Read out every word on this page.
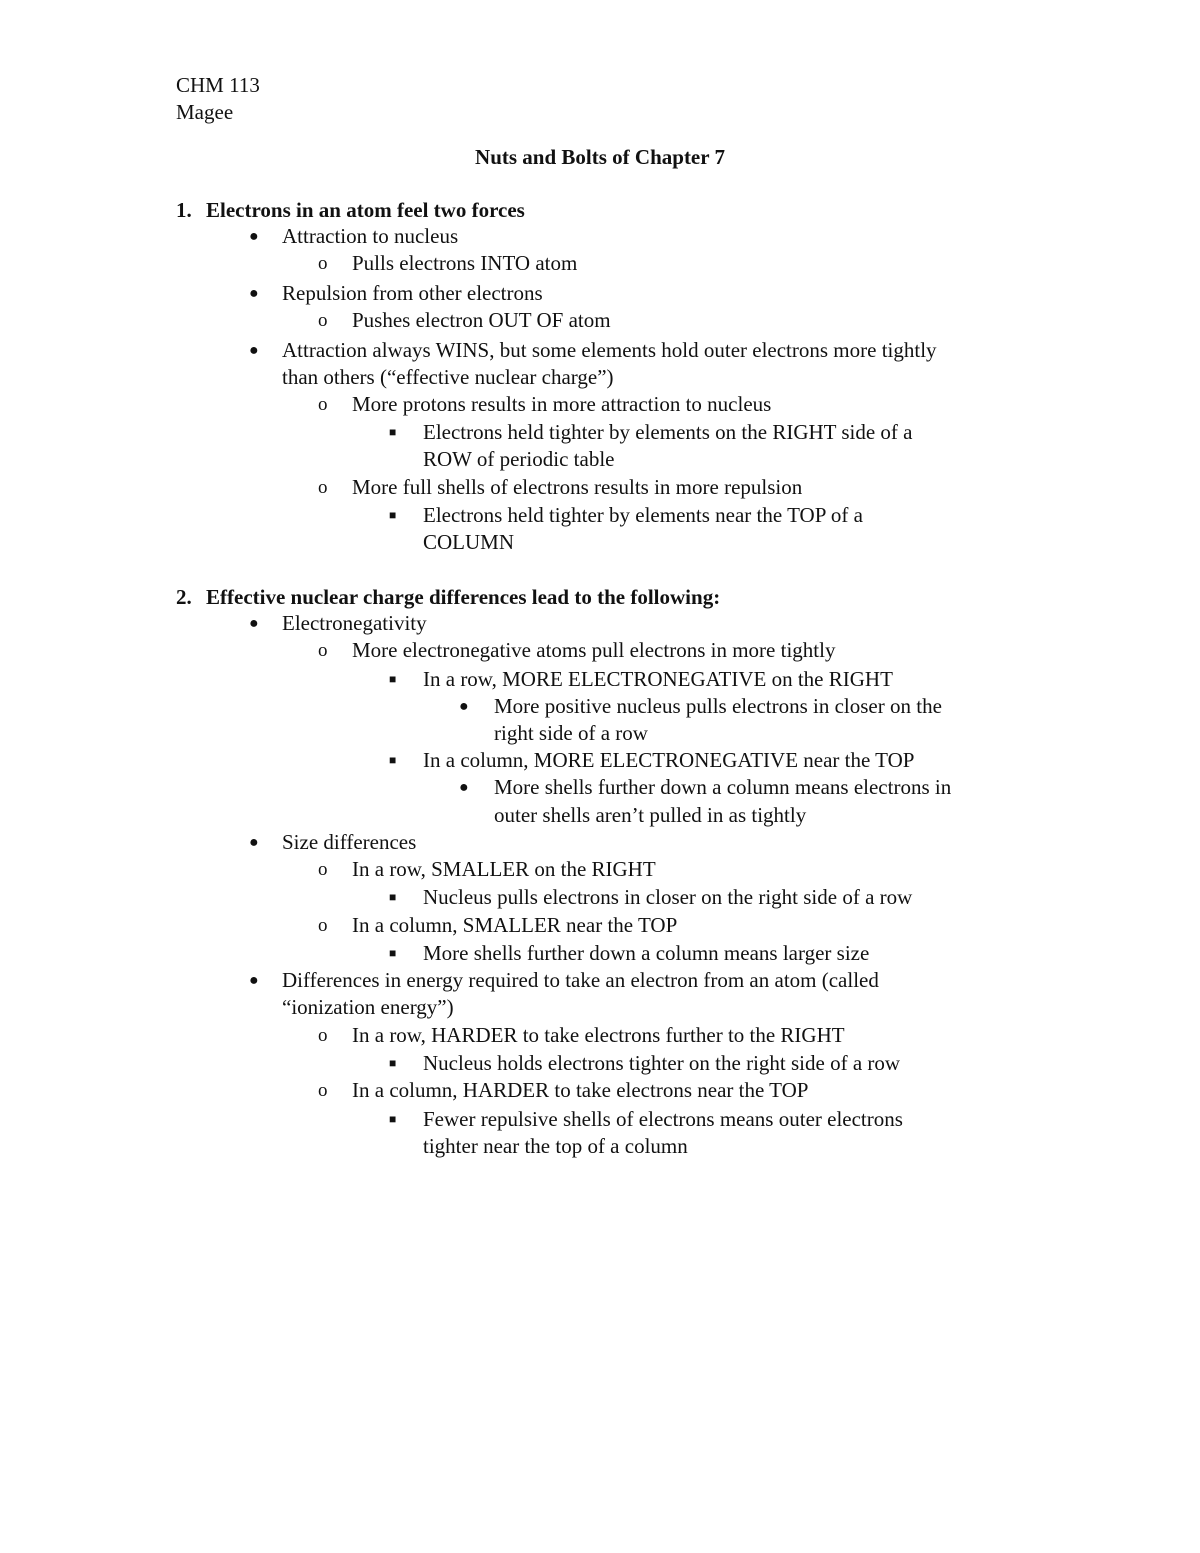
CHM 113
Magee
Nuts and Bolts of Chapter 7
1. Electrons in an atom feel two forces
● Attraction to nucleus
o Pulls electrons INTO atom
● Repulsion from other electrons
o Pushes electron OUT OF atom
● Attraction always WINS, but some elements hold outer electrons more tightly
than others (“effective nuclear charge”)
o More protons results in more attraction to nucleus
■ Electrons held tighter by elements on the RIGHT side of a
ROW of periodic table
o More full shells of electrons results in more repulsion
■ Electrons held tighter by elements near the TOP of a
COLUMN
2. Effective nuclear charge differences lead to the following:
● Electronegativity
o More electronegative atoms pull electrons in more tightly
■ In a row, MORE ELECTRONEGATIVE on the RIGHT
● More positive nucleus pulls electrons in closer on the
right side of a row
■ In a column, MORE ELECTRONEGATIVE near the TOP
● More shells further down a column means electrons in
outer shells aren’t pulled in as tightly
● Size differences
o In a row, SMALLER on the RIGHT
■ Nucleus pulls electrons in closer on the right side of a row
o In a column, SMALLER near the TOP
■ More shells further down a column means larger size
● Differences in energy required to take an electron from an atom (called
“ionization energy”)
o In a row, HARDER to take electrons further to the RIGHT
■ Nucleus holds electrons tighter on the right side of a row
o In a column, HARDER to take electrons near the TOP
■ Fewer repulsive shells of electrons means outer electrons
tighter near the top of a column
